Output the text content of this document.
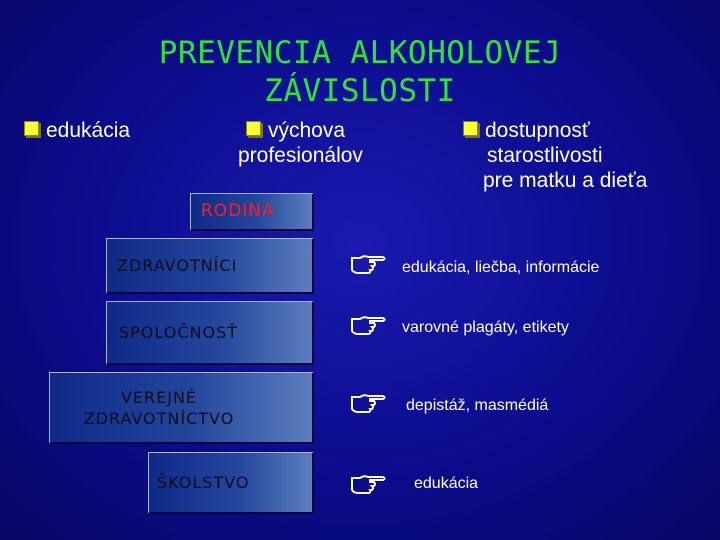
PREVENCIA ALKOHOLOVEJ
ZÁVISLOSTI
edukácia	výchova
profesionálov
dostupnosť
starostlivosti
pre matku a dieťa
RODINA
ZDRAVOTNÍCI
SPOLOČNOSŤ
VEREJNÉ
ZDRAVOTNÍCTVO
ŠKOLSTVO
edukácia, liečba, informácie
varovné plagáty, etikety
depistáž, masmédiá
edukácia
